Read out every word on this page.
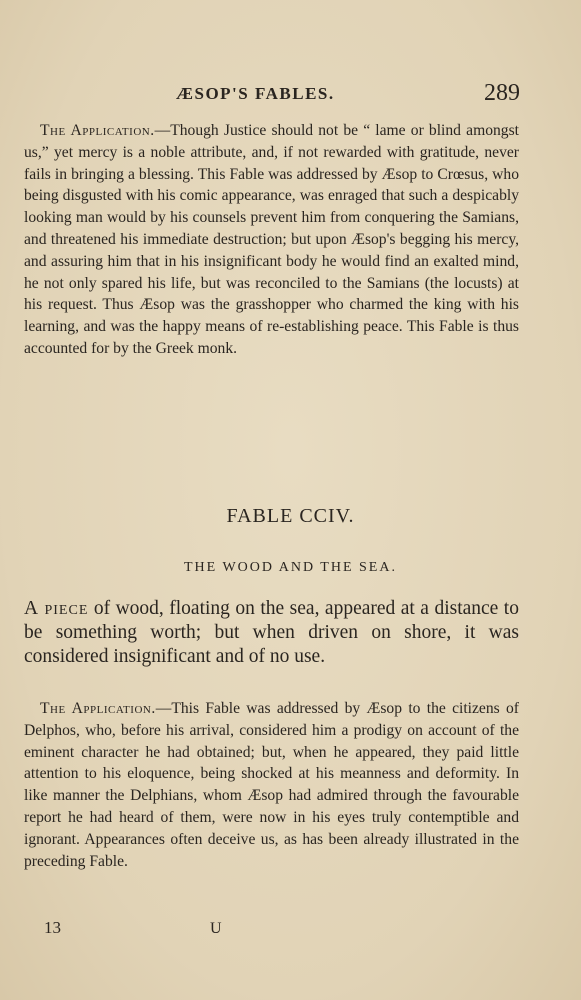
ÆSOP'S FABLES.	289

The Application.—Though Justice should not be “ lame or blind amongst us,” yet mercy is a noble attribute, and, if not rewarded with gratitude, never fails in bringing a blessing. This Fable was addressed by Æsop to Crœsus, who being disgusted with his comic appearance, was enraged that such a despicably looking man would by his counsels prevent him from conquering the Samians, and threatened his immediate destruction; but upon Æsop's begging his mercy, and assuring him that in his insignificant body he would find an exalted mind, he not only spared his life, but was reconciled to the Samians (the locusts) at his request. Thus Æsop was the grasshopper who charmed the king with his learning, and was the happy means of re-establishing peace. This Fable is thus accounted for by the Greek monk.

FABLE CCIV.
THE WOOD AND THE SEA.

A piece of wood, floating on the sea, appeared at a distance to be something worth; but when driven on shore, it was considered insignificant and of no use.

The Application.—This Fable was addressed by Æsop to the citizens of Delphos, who, before his arrival, considered him a prodigy on account of the eminent character he had obtained; but, when he appeared, they paid little attention to his eloquence, being shocked at his meanness and deformity. In like manner the Delphians, whom Æsop had admired through the favourable report he had heard of them, were now in his eyes truly contemptible and ignorant. Appearances often deceive us, as has been already illustrated in the preceding Fable.

13	U
